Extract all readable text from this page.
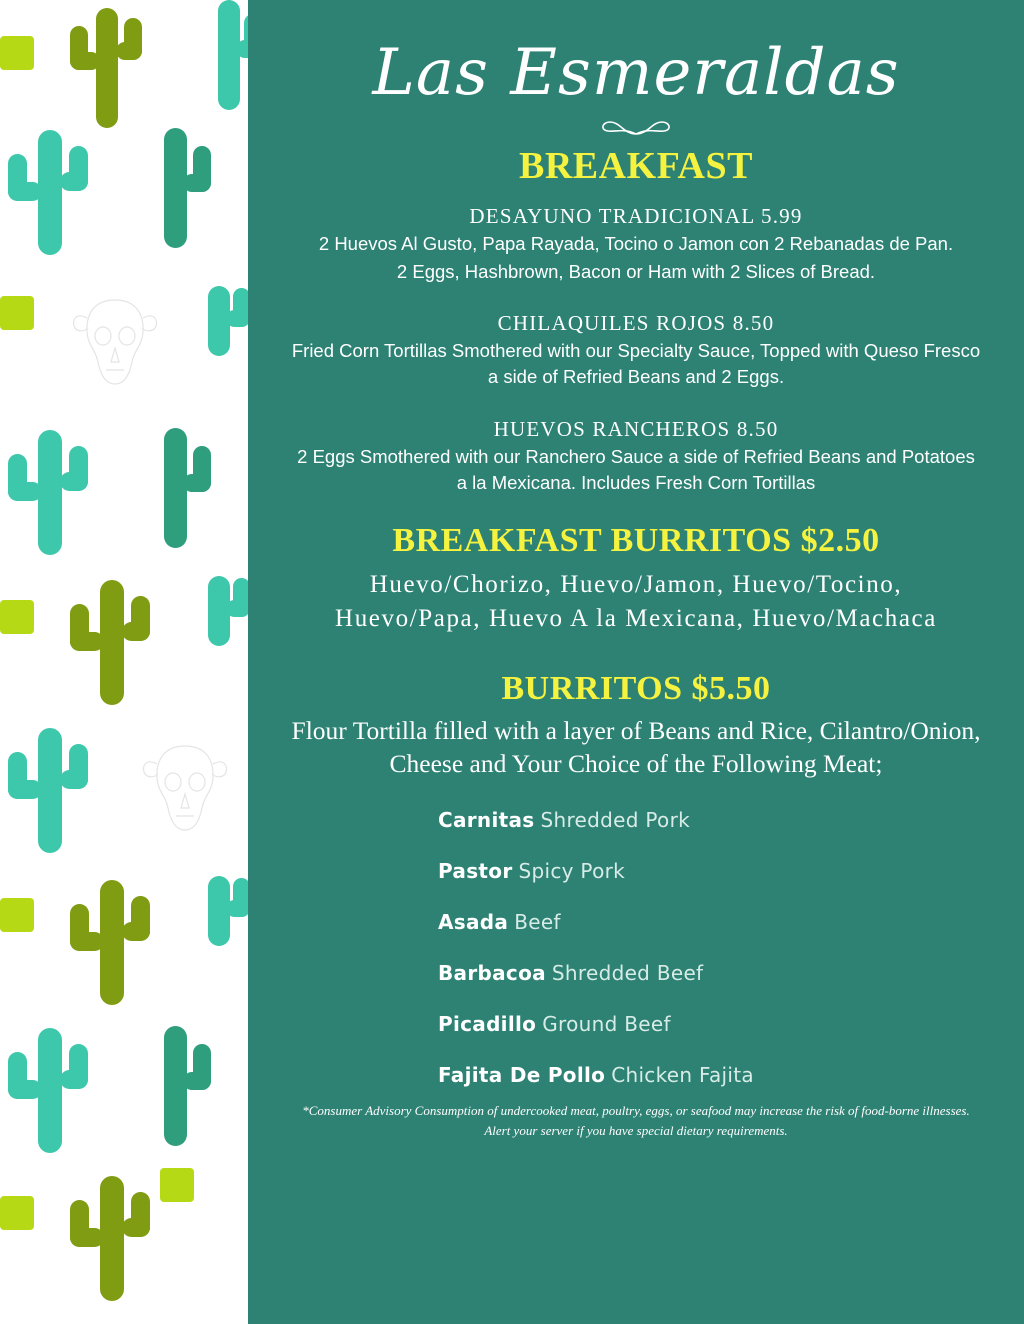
Las Esmeraldas
BREAKFAST
DESAYUNO TRADICIONAL 5.99
2 Huevos Al Gusto, Papa Rayada, Tocino o Jamon con 2 Rebanadas de Pan.
2 Eggs, Hashbrown, Bacon or Ham with 2 Slices of Bread.
CHILAQUILES ROJOS 8.50
Fried Corn Tortillas Smothered with our Specialty Sauce, Topped with Queso Fresco a side of Refried Beans and 2 Eggs.
HUEVOS RANCHEROS 8.50
2 Eggs Smothered with our Ranchero Sauce a side of Refried Beans and Potatoes a la Mexicana. Includes Fresh Corn Tortillas
BREAKFAST BURRITOS $2.50
Huevo/Chorizo, Huevo/Jamon, Huevo/Tocino, Huevo/Papa, Huevo A la Mexicana, Huevo/Machaca
BURRITOS $5.50
Flour Tortilla filled with a layer of Beans and Rice, Cilantro/Onion, Cheese and Your Choice of the Following Meat;
Carnitas Shredded Pork
Pastor Spicy Pork
Asada Beef
Barbacoa Shredded Beef
Picadillo Ground Beef
Fajita De Pollo Chicken Fajita
*Consumer Advisory Consumption of undercooked meat, poultry, eggs, or seafood may increase the risk of food-borne illnesses. Alert your server if you have special dietary requirements.
